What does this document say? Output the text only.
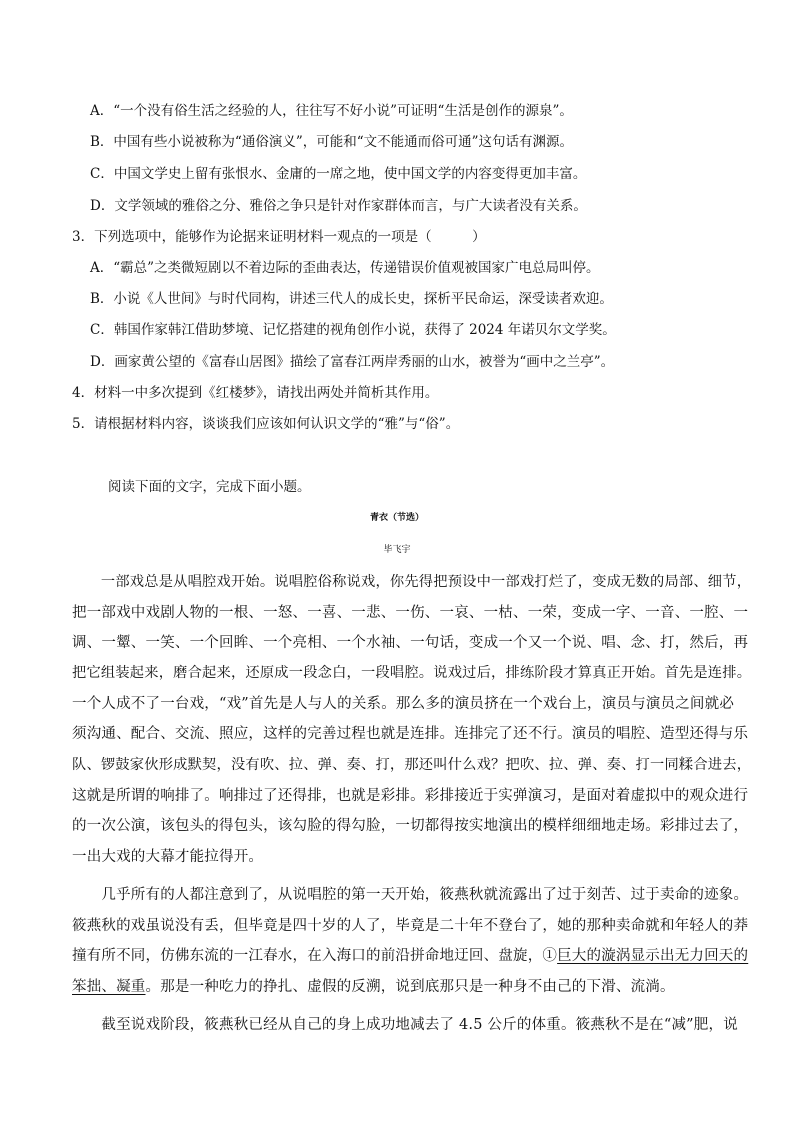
A．“一个没有俗生活之经验的人，往往写不好小说”可证明“生活是创作的源泉”。
B．中国有些小说被称为“通俗演义”，可能和“文不能通而俗可通”这句话有渊源。
C．中国文学史上留有张恨水、金庸的一席之地，使中国文学的内容变得更加丰富。
D．文学领域的雅俗之分、雅俗之争只是针对作家群体而言，与广大读者没有关系。
3．下列选项中，能够作为论据来证明材料一观点的一项是（　　　）
A．“霸总”之类微短剧以不着边际的歪曲表达，传递错误价值观被国家广电总局叫停。
B．小说《人世间》与时代同构，讲述三代人的成长史，探析平民命运，深受读者欢迎。
C．韩国作家韩江借助梦境、记忆搭建的视角创作小说，获得了 2024 年诺贝尔文学奖。
D．画家黄公望的《富春山居图》描绘了富春江两岸秀丽的山水，被誉为“画中之兰亭”。
4．材料一中多次提到《红楼梦》，请找出两处并简析其作用。
5．请根据材料内容，谈谈我们应该如何认识文学的“雅”与“俗”。
阅读下面的文字，完成下面小题。
青衣（节选）
毕飞宇
　　一部戏总是从唱腔戏开始。说唱腔俗称说戏，你先得把预设中一部戏打烂了，变成无数的局部、细节，
把一部戏中戏剧人物的一根、一怒、一喜、一悲、一伤、一哀、一枯、一荣，变成一字、一音、一腔、一
调、一颦、一笑、一个回眸、一个亮相、一个水袖、一句话，变成一个又一个说、唱、念、打，然后，再
把它组装起来，磨合起来，还原成一段念白，一段唱腔。说戏过后，排练阶段才算真正开始。首先是连排。
一个人成不了一台戏，“戏”首先是人与人的关系。那么多的演员挤在一个戏台上，演员与演员之间就必
须沟通、配合、交流、照应，这样的完善过程也就是连排。连排完了还不行。演员的唱腔、造型还得与乐
队、锣鼓家伙形成默契，没有吹、拉、弹、奏、打，那还叫什么戏？把吹、拉、弹、奏、打一同糅合进去，
这就是所谓的响排了。响排过了还得排，也就是彩排。彩排接近于实弹演习，是面对着虚拟中的观众进行
的一次公演，该包头的得包头，该勾脸的得勾脸，一切都得按实地演出的模样细细地走场。彩排过去了，
一出大戏的大幕才能拉得开。
　　几乎所有的人都注意到了，从说唱腔的第一天开始，筱燕秋就流露出了过于刻苦、过于卖命的迹象。
筱燕秋的戏虽说没有丢，但毕竟是四十岁的人了，毕竟是二十年不登台了，她的那种卖命就和年轻人的莽
撞有所不同，仿佛东流的一江春水，在入海口的前沿拼命地迂回、盘旋，①巨大的漩涡显示出无力回天的
笨拙、凝重。那是一种吃力的挣扎、虚假的反溯，说到底那只是一种身不由己的下滑、流淌。
　　截至说戏阶段，筱燕秋已经从自己的身上成功地减去了 4.5 公斤的体重。筱燕秋不是在“减”肥，说
